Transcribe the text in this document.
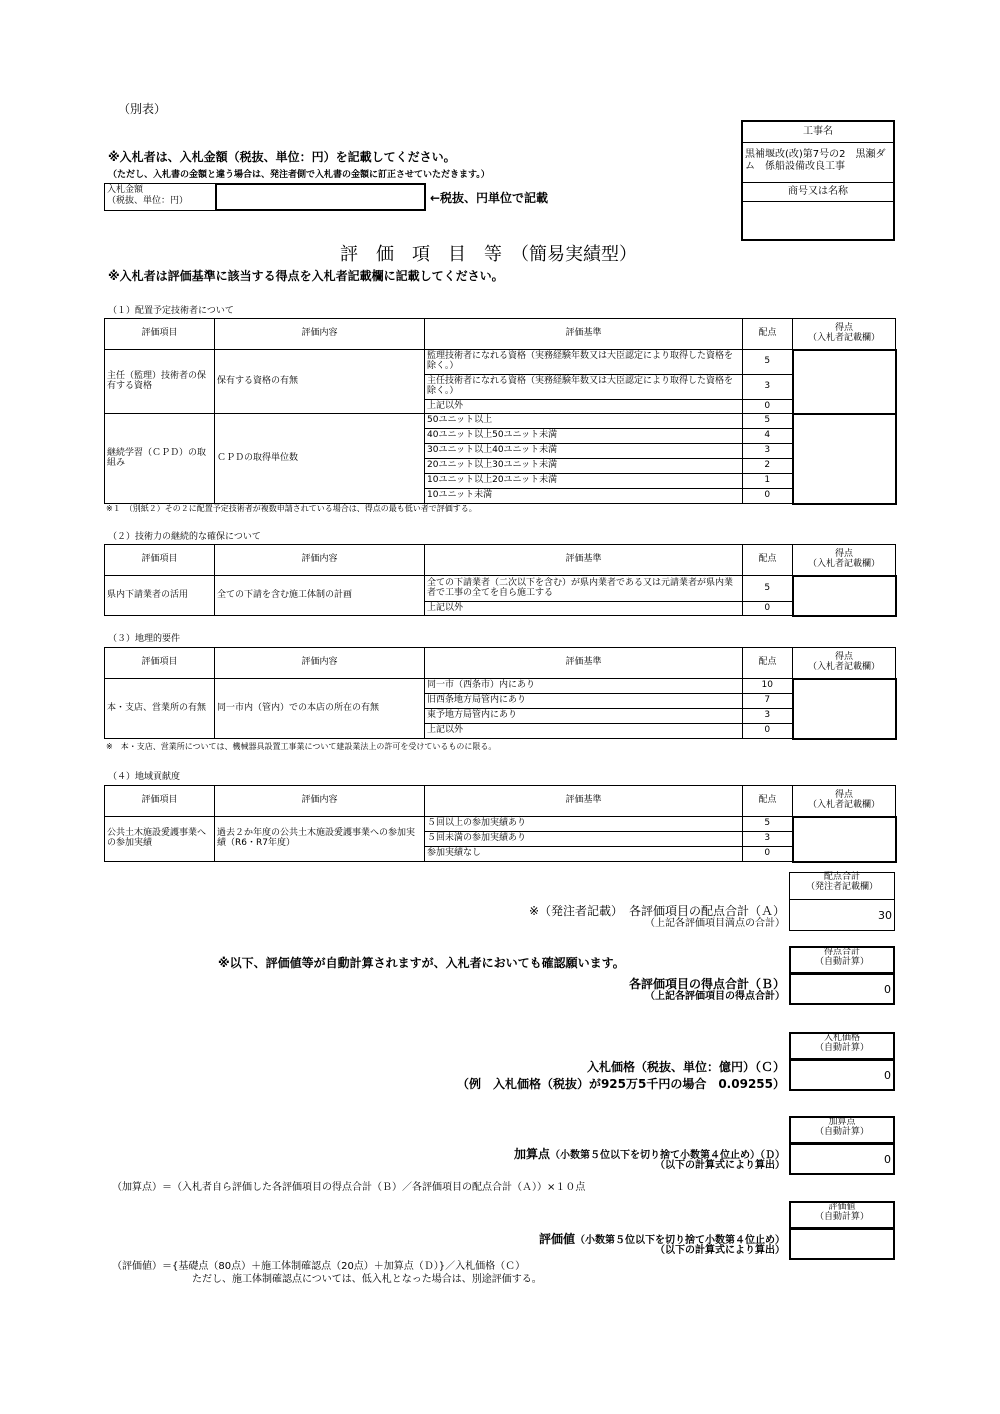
（別表）
※入札者は、入札金額（税抜、単位：円）を記載してください。
（ただし、入札書の金額と違う場合は、発注者側で入札書の金額に訂正させていただきます。）
入札金額
（税抜、単位：円）	←税抜、円単位で記載
工事名
黒補堰改(改)第7号の2　黒瀬ダム　係船設備改良工事
商号又は名称
評　価　項　目　等　（簡易実績型）
※入札者は評価基準に該当する得点を入札者記載欄に記載してください。
（１）配置予定技術者について
評価項目	評価内容	評価基準	配点	得点
（入札者記載欄）
主任（監理）技術者の保有する資格	保有する資格の有無	監理技術者になれる資格（実務経験年数又は大臣認定により取得した資格を除く。）	5	
		主任技術者になれる資格（実務経験年数又は大臣認定により取得した資格を除く。）	3	
		上記以外	0	
継続学習（ＣＰＤ）の取組み	ＣＰＤの取得単位数	50ユニット以上	5	
		40ユニット以上50ユニット未満	4	
		30ユニット以上40ユニット未満	3	
		20ユニット以上30ユニット未満	2	
		10ユニット以上20ユニット未満	1	
		10ユニット未満	0	
※１　（別紙２）その２に配置予定技術者が複数申請されている場合は、得点の最も低い者で評価する。
（２）技術力の継続的な確保について
評価項目	評価内容	評価基準	配点	得点
（入札者記載欄）
県内下請業者の活用	全ての下請を含む施工体制の計画	全ての下請業者（二次以下を含む）が県内業者である又は元請業者が県内業者で工事の全てを自ら施工する	5	
		上記以外	0	
（３）地理的要件
評価項目	評価内容	評価基準	配点	得点
（入札者記載欄）
本・支店、営業所の有無	同一市内（管内）での本店の所在の有無	同一市（西条市）内にあり	10	
		旧西条地方局管内にあり	7	
		東予地方局管内にあり	3	
		上記以外	0	
※　本・支店、営業所については、機械器具設置工事業について建設業法上の許可を受けているものに限る。
（４）地域貢献度
評価項目	評価内容	評価基準	配点	得点
（入札者記載欄）
公共土木施設愛護事業への参加実績	過去２か年度の公共土木施設愛護事業への参加実績（R6・R7年度）	５回以上の参加実績あり	5	
		５回未満の参加実績あり	3	
		参加実績なし	0	
配点合計
（発注者記載欄）
30
※（発注者記載）　各評価項目の配点合計（Ａ）
（上記各評価項目満点の合計）
※以下、評価値等が自動計算されますが、入札者においても確認願います。
得点合計
（自動計算）
0
各評価項目の得点合計（Ｂ）
（上記各評価項目の得点合計）
入札価格
（自動計算）
0
入札価格（税抜、単位：億円）（Ｃ）
（例　入札価格（税抜）が925万5千円の場合　0.09255）
加算点
（自動計算）
0
加算点（小数第５位以下を切り捨て小数第４位止め）（Ｄ）
（以下の計算式により算出）
（加算点）＝（入札者自ら評価した各評価項目の得点合計（Ｂ）／各評価項目の配点合計（Ａ））×１０点
評価値
（自動計算）
評価値（小数第５位以下を切り捨て小数第４位止め）
（以下の計算式により算出）
（評価値）＝{基礎点（80点）＋施工体制確認点（20点）＋加算点（Ｄ）}／入札価格（Ｃ）
ただし、施工体制確認点については、低入札となった場合は、別途評価する。
